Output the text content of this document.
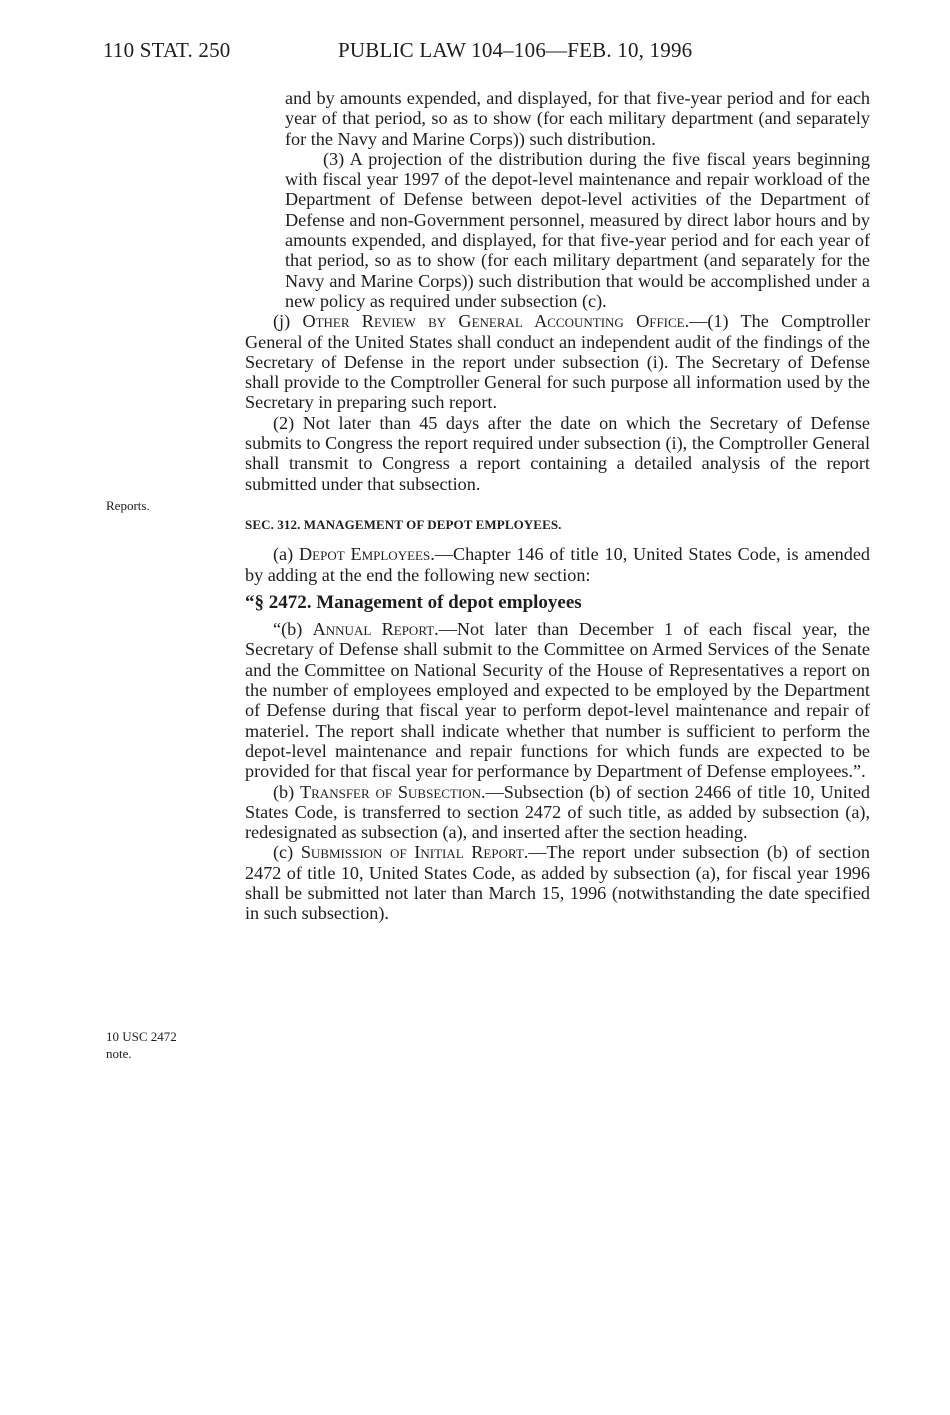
110 STAT. 250	PUBLIC LAW 104–106—FEB. 10, 1996
Reports.
10 USC 2472
note.

and by amounts expended, and displayed, for that five-year period and for each year of that period, so as to show (for each military department (and separately for the Navy and Marine Corps)) such distribution.

(3) A projection of the distribution during the five fiscal years beginning with fiscal year 1997 of the depot-level maintenance and repair workload of the Department of Defense between depot-level activities of the Department of Defense and non-Government personnel, measured by direct labor hours and by amounts expended, and displayed, for that five-year period and for each year of that period, so as to show (for each military department (and separately for the Navy and Marine Corps)) such distribution that would be accomplished under a new policy as required under subsection (c).

(j) Other Review by General Accounting Office.—(1) The Comptroller General of the United States shall conduct an independent audit of the findings of the Secretary of Defense in the report under subsection (i). The Secretary of Defense shall provide to the Comptroller General for such purpose all information used by the Secretary in preparing such report.

(2) Not later than 45 days after the date on which the Secretary of Defense submits to Congress the report required under subsection (i), the Comptroller General shall transmit to Congress a report containing a detailed analysis of the report submitted under that subsection.

SEC. 312. MANAGEMENT OF DEPOT EMPLOYEES.

(a) Depot Employees.—Chapter 146 of title 10, United States Code, is amended by adding at the end the following new section:

“§ 2472. Management of depot employees

“(b) Annual Report.—Not later than December 1 of each fiscal year, the Secretary of Defense shall submit to the Committee on Armed Services of the Senate and the Committee on National Security of the House of Representatives a report on the number of employees employed and expected to be employed by the Department of Defense during that fiscal year to perform depot-level maintenance and repair of materiel. The report shall indicate whether that number is sufficient to perform the depot-level maintenance and repair functions for which funds are expected to be provided for that fiscal year for performance by Department of Defense employees.”.

(b) Transfer of Subsection.—Subsection (b) of section 2466 of title 10, United States Code, is transferred to section 2472 of such title, as added by subsection (a), redesignated as subsection (a), and inserted after the section heading.

(c) Submission of Initial Report.—The report under subsection (b) of section 2472 of title 10, United States Code, as added by subsection (a), for fiscal year 1996 shall be submitted not later than March 15, 1996 (notwithstanding the date specified in such subsection).
